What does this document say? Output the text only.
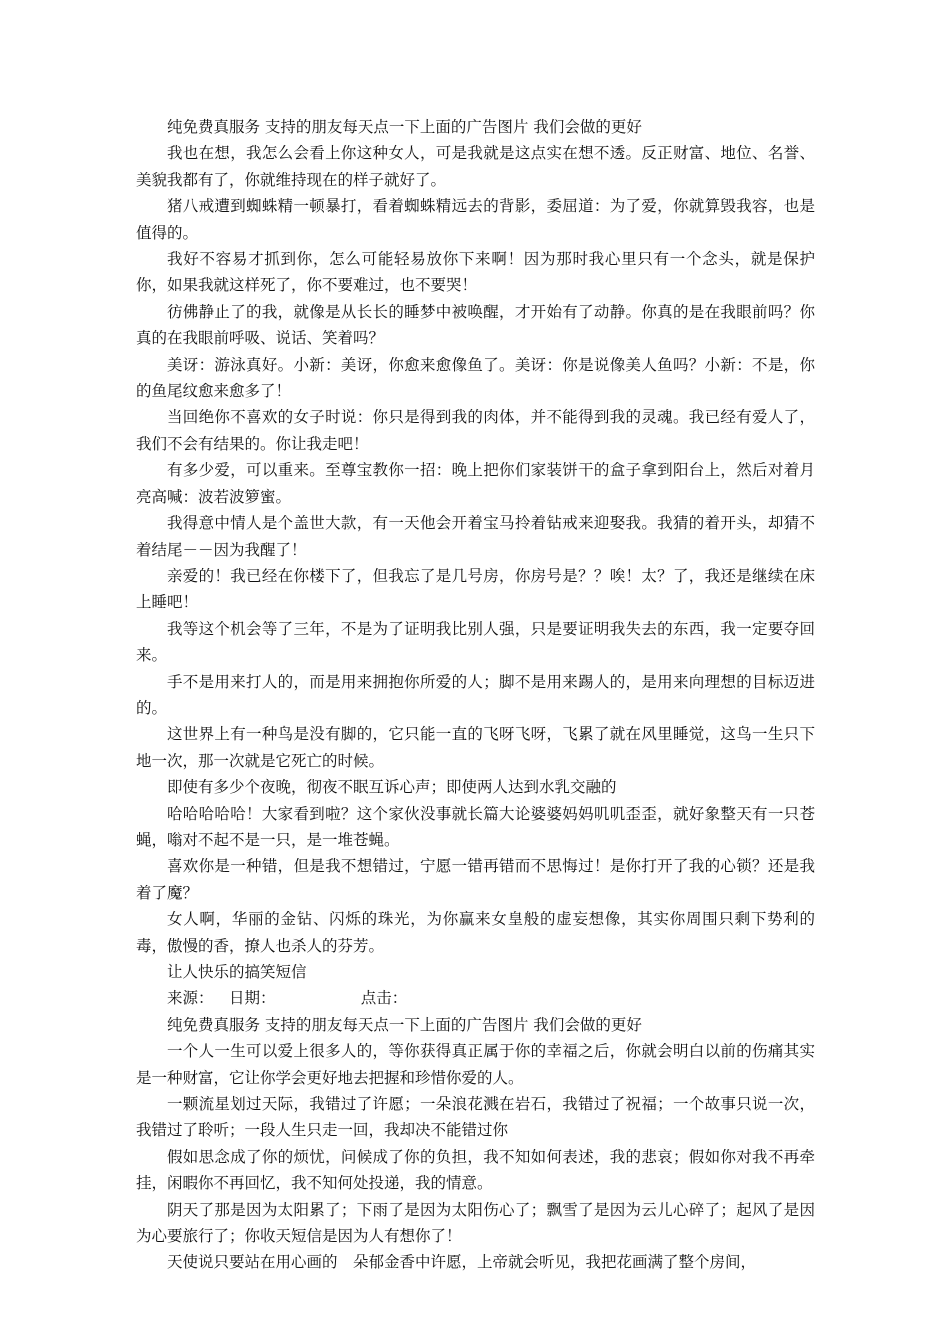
纯免费真服务 支持的朋友每天点一下上面的广告图片 我们会做的更好

我也在想，我怎么会看上你这种女人，可是我就是这点实在想不透。反正财富、地位、名誉、美貌我都有了，你就维持现在的样子就好了。

猪八戒遭到蜘蛛精一顿暴打，看着蜘蛛精远去的背影，委屈道：为了爱，你就算毁我容，也是值得的。

我好不容易才抓到你，怎么可能轻易放你下来啊！因为那时我心里只有一个念头，就是保护你，如果我就这样死了，你不要难过，也不要哭！

彷佛静止了的我，就像是从长长的睡梦中被唤醒，才开始有了动静。你真的是在我眼前吗？你真的在我眼前呼吸、说话、笑着吗？

美讶：游泳真好。小新：美讶，你愈来愈像鱼了。美讶：你是说像美人鱼吗？小新：不是，你的鱼尾纹愈来愈多了！

当回绝你不喜欢的女子时说：你只是得到我的肉体，并不能得到我的灵魂。我已经有爱人了，我们不会有结果的。你让我走吧！

有多少爱，可以重来。至尊宝教你一招：晚上把你们家装饼干的盒子拿到阳台上，然后对着月亮高喊：波若波箩蜜。

我得意中情人是个盖世大款，有一天他会开着宝马拎着钻戒来迎娶我。我猜的着开头，却猜不着结尾－－因为我醒了！

亲爱的！我已经在你楼下了，但我忘了是几号房，你房号是？？唉！太？了，我还是继续在床上睡吧！

我等这个机会等了三年，不是为了证明我比别人强，只是要证明我失去的东西，我一定要夺回来。

手不是用来打人的，而是用来拥抱你所爱的人；脚不是用来踢人的，是用来向理想的目标迈进的。

这世界上有一种鸟是没有脚的，它只能一直的飞呀飞呀，飞累了就在风里睡觉，这鸟一生只下地一次，那一次就是它死亡的时候。

即使有多少个夜晚，彻夜不眠互诉心声；即使两人达到水乳交融的

哈哈哈哈哈！大家看到啦？这个家伙没事就长篇大论婆婆妈妈叽叽歪歪，就好象整天有一只苍蝇，嗡对不起不是一只，是一堆苍蝇。

喜欢你是一种错，但是我不想错过，宁愿一错再错而不思悔过！是你打开了我的心锁？还是我着了魔？

女人啊，华丽的金钻、闪烁的珠光，为你赢来女皇般的虚妄想像，其实你周围只剩下势利的毒，傲慢的香，撩人也杀人的芬芳。

让人快乐的搞笑短信

来源： 日期：	点击：

纯免费真服务 支持的朋友每天点一下上面的广告图片 我们会做的更好

一个人一生可以爱上很多人的，等你获得真正属于你的幸福之后，你就会明白以前的伤痛其实是一种财富，它让你学会更好地去把握和珍惜你爱的人。

一颗流星划过天际，我错过了许愿；一朵浪花溅在岩石，我错过了祝福；一个故事只说一次，我错过了聆听；一段人生只走一回，我却决不能错过你

假如思念成了你的烦忧，问候成了你的负担，我不知如何表述，我的悲哀；假如你对我不再牵挂，闲暇你不再回忆，我不知何处投递，我的情意。

阴天了那是因为太阳累了；下雨了是因为太阳伤心了；飘雪了是因为云儿心碎了；起风了是因为心要旅行了；你收天短信是因为人有想你了！

天使说只要站在用心画的　朵郁金香中许愿，上帝就会听见，我把花画满了整个房间，
